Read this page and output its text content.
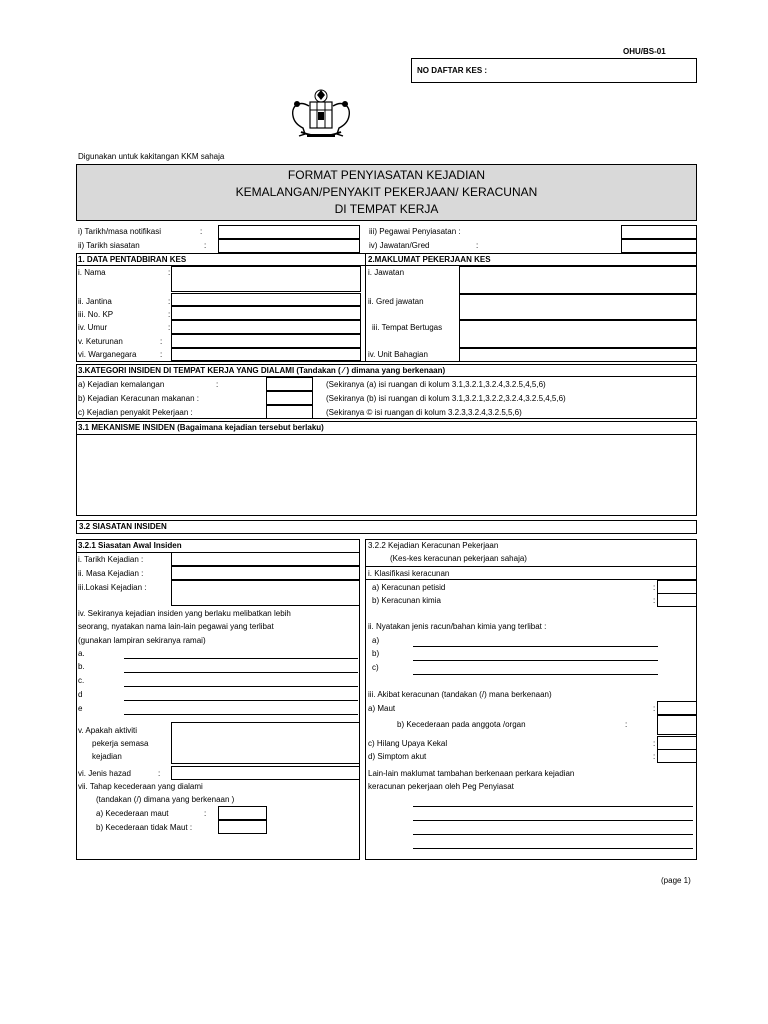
OHU/BS-01
NO DAFTAR KES :
Digunakan untuk kakitangan KKM sahaja
FORMAT PENYIASATAN KEJADIAN
KEMALANGAN/PENYAKIT PEKERJAAN/ KERACUNAN
DI TEMPAT KERJA
i) Tarikh/masa notifikasi	:
ii) Tarikh siasatan	:
iii) Pegawai Penyiasatan :
iv) Jawatan/Gred	:
1. DATA PENTADBIRAN KES	2.MAKLUMAT PEKERJAAN KES
i. Nama	:
ii. Jantina	:
iii. No. KP	:
iv. Umur	:
v. Keturunan	:
vi. Warganegara	:
i. Jawatan
ii. Gred jawatan
iii. Tempat Bertugas
iv. Unit Bahagian
3.KATEGORI INSIDEN DI TEMPAT KERJA YANG DIALAMI (Tandakan ( ⁄ ) dimana yang berkenaan)
a) Kejadian kemalangan	:	(Sekiranya (a) isi ruangan di kolum 3.1,3.2.1,3.2.4,3.2.5,4,5,6)
b) Kejadian Keracunan makanan :	(Sekiranya (b) isi ruangan di kolum 3.1,3.2.1,3.2.2,3.2.4,3.2.5,4,5,6)
c) Kejadian penyakit Pekerjaan :	(Sekiranya © isi ruangan di kolum 3.2.3,3.2.4,3.2.5,5,6)
3.1 MEKANISME INSIDEN (Bagaimana kejadian tersebut berlaku)
3.2 SIASATAN INSIDEN
3.2.1 Siasatan Awal Insiden
i. Tarikh Kejadian :
ii. Masa Kejadian :
iii.Lokasi Kejadian :
iv. Sekiranya kejadian insiden yang berlaku melibatkan lebih
seorang, nyatakan nama lain-lain pegawai yang terlibat
(gunakan lampiran sekiranya ramai)
a.
b.
c.
d
e
v. Apakah aktiviti
pekerja semasa
kejadian
vi. Jenis hazad	:
vii. Tahap kecederaan yang dialami
(tandakan (/) dimana yang berkenaan )
a) Kecederaan maut	:
b) Kecederaan tidak Maut :
3.2.2 Kejadian Keracunan Pekerjaan
(Kes-kes keracunan pekerjaan sahaja)
i. Klasifikasi keracunan
a) Keracunan petisid	:
b) Keracunan kimia	:
ii. Nyatakan jenis racun/bahan kimia yang terlibat :
a)
b)
c)
iii. Akibat keracunan (tandakan (/) mana berkenaan)
a) Maut	:
b) Kecederaan pada anggota /organ	:
c) Hilang Upaya Kekal	:
d) Simptom akut	:
Lain-lain maklumat tambahan berkenaan perkara kejadian
keracunan pekerjaan oleh Peg Penyiasat
(page 1)
